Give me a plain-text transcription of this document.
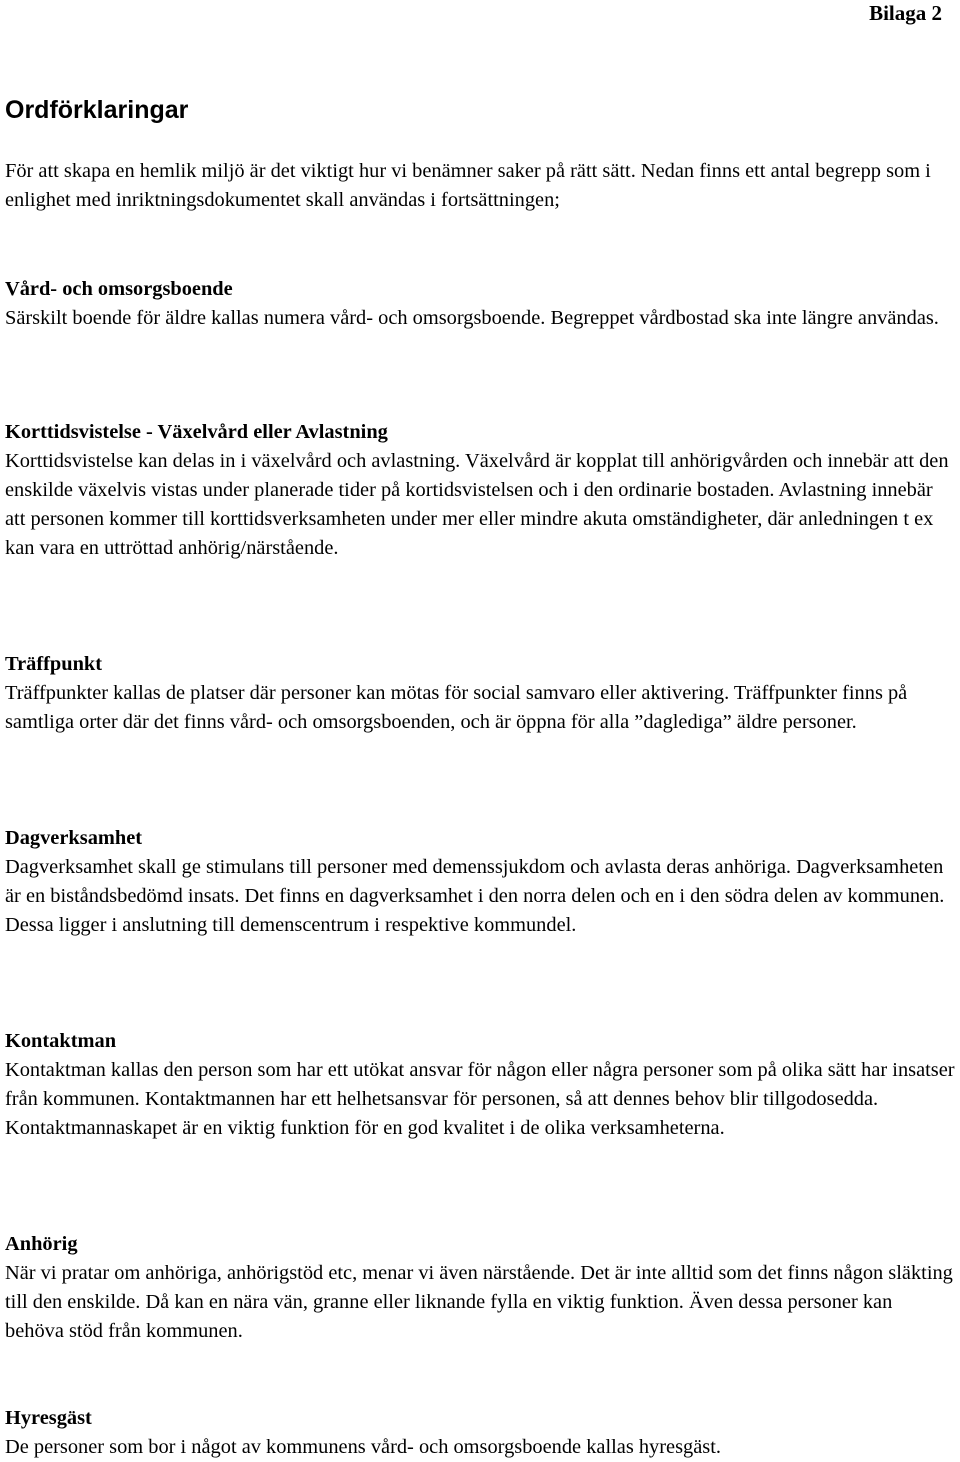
Bilaga 2

Ordförklaringar

För att skapa en hemlik miljö är det viktigt hur vi benämner saker på rätt sätt. Nedan finns ett antal begrepp som i enlighet med inriktningsdokumentet skall användas i fortsättningen;

Vård- och omsorgsboende

Särskilt boende för äldre kallas numera vård- och omsorgsboende. Begreppet vårdbostad ska inte längre användas.

Korttidsvistelse - Växelvård eller Avlastning

Korttidsvistelse kan delas in i växelvård och avlastning. Växelvård är kopplat till anhörigvården och innebär att den enskilde växelvis vistas under planerade tider på kortidsvistelsen och i den ordinarie bostaden. Avlastning innebär att personen kommer till korttidsverksamheten under mer eller mindre akuta omständigheter, där anledningen t ex kan vara en uttröttad anhörig/närstående.

Träffpunkt

Träffpunkter kallas de platser där personer kan mötas för social samvaro eller aktivering. Träffpunkter finns på samtliga orter där det finns vård- och omsorgsboenden, och är öppna för alla ”daglediga” äldre personer.

Dagverksamhet

Dagverksamhet skall ge stimulans till personer med demenssjukdom och avlasta deras anhöriga. Dagverksamheten är en biståndsbedömd insats. Det finns en dagverksamhet i den norra delen och en i den södra delen av kommunen. Dessa ligger i anslutning till demenscentrum i respektive kommundel.

Kontaktman

Kontaktman kallas den person som har ett utökat ansvar för någon eller några personer som på olika sätt har insatser från kommunen. Kontaktmannen har ett helhetsansvar för personen, så att dennes behov blir tillgodosedda. Kontaktmannaskapet är en viktig funktion för en god kvalitet i de olika verksamheterna.

Anhörig

När vi pratar om anhöriga, anhörigstöd etc, menar vi även närstående. Det är inte alltid som det finns någon släkting till den enskilde. Då kan en nära vän, granne eller liknande fylla en viktig funktion. Även dessa personer kan behöva stöd från kommunen.

Hyresgäst

De personer som bor i något av kommunens vård- och omsorgsboende kallas hyresgäst.
